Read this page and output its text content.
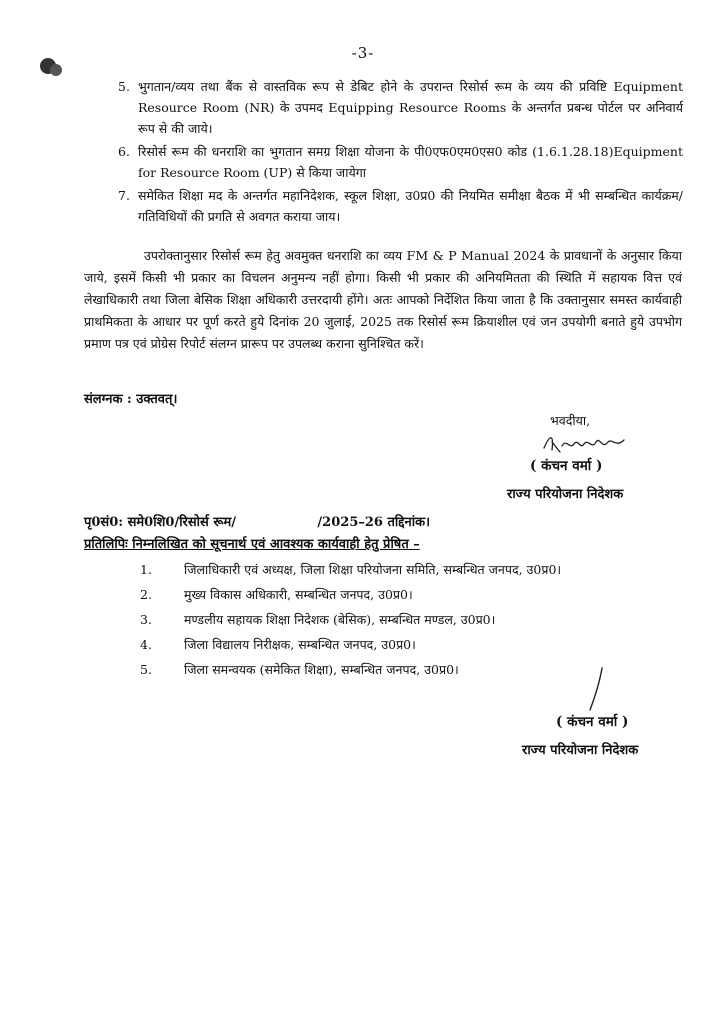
-3-
5. भुगतान/व्यय तथा बैंक से वास्तविक रूप से डेबिट होने के उपरान्त रिसोर्स रूम के व्यय की प्रविष्टि Equipment Resource Room (NR) के उपमद Equipping Resource Rooms के अन्तर्गत प्रबन्ध पोर्टल पर अनिवार्य रूप से की जाये।
6. रिसोर्स रूम की धनराशि का भुगतान समग्र शिक्षा योजना के पी0एफ0एम0एस0 कोड (1.6.1.28.18)Equipment for Resource Room (UP) से किया जायेगा
7. समेकित शिक्षा मद के अन्तर्गत महानिदेशक, स्कूल शिक्षा, उ0प्र0 की नियमित समीक्षा बैठक में भी सम्बन्धित कार्यक्रम/गतिविधियों की प्रगति से अवगत कराया जाय।

उपरोक्तानुसार रिसोर्स रूम हेतु अवमुक्त धनराशि का व्यय FM & P Manual 2024 के प्रावधानों के अनुसार किया जाये, इसमें किसी भी प्रकार का विचलन अनुमन्य नहीं होगा। किसी भी प्रकार की अनियमितता की स्थिति में सहायक वित्त एवं लेखाधिकारी तथा जिला बेसिक शिक्षा अधिकारी उत्तरदायी होंगे। अतः आपको निर्देशित किया जाता है कि उक्तानुसार समस्त कार्यवाही प्राथमिकता के आधार पर पूर्ण करते हुये दिनांक 20 जुलाई, 2025 तक रिसोर्स रूम क्रियाशील एवं जन उपयोगी बनाते हुये उपभोग प्रमाण पत्र एवं प्रोग्रेस रिपोर्ट संलग्न प्रारूप पर उपलब्ध कराना सुनिश्चित करें।

संलग्नक : उक्तवत्।
भवदीया,
( कंचन वर्मा )
राज्य परियोजना निदेशक
पृ0सं0: समे0शि0/रिसोर्स रूम/                  /2025–26 तद्दिनांक।
प्रतिलिपिः निम्नलिखित को सूचनार्थ एवं आवश्यक कार्यवाही हेतु प्रेषित –
1.	जिलाधिकारी एवं अध्यक्ष, जिला शिक्षा परियोजना समिति, सम्बन्धित जनपद, उ0प्र0।
2.	मुख्य विकास अधिकारी, सम्बन्धित जनपद, उ0प्र0।
3.	मण्डलीय सहायक शिक्षा निदेशक (बेसिक), सम्बन्धित मण्डल, उ0प्र0।
4.	जिला विद्यालय निरीक्षक, सम्बन्धित जनपद, उ0प्र0।
5.	जिला समन्वयक (समेकित शिक्षा), सम्बन्धित जनपद, उ0प्र0।
( कंचन वर्मा )
राज्य परियोजना निदेशक
